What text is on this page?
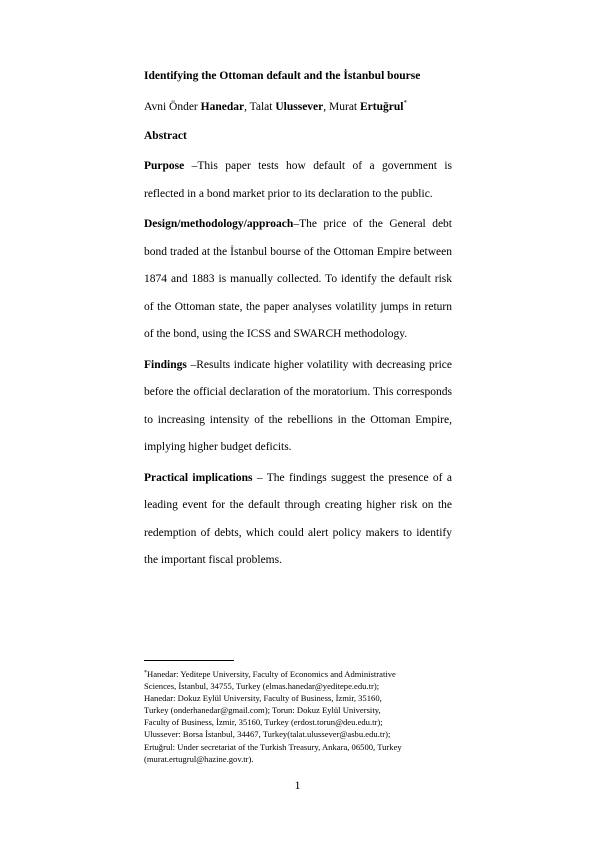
Identifying the Ottoman default and the İstanbul bourse
Avni Önder Hanedar, Talat Ulussever, Murat Ertuğrul*
Abstract

Purpose –This paper tests how default of a government is reflected in a bond market prior to its declaration to the public.

Design/methodology/approach–The price of the General debt bond traded at the İstanbul bourse of the Ottoman Empire between 1874 and 1883 is manually collected. To identify the default risk of the Ottoman state, the paper analyses volatility jumps in return of the bond, using the ICSS and SWARCH methodology.

Findings –Results indicate higher volatility with decreasing price before the official declaration of the moratorium. This corresponds to increasing intensity of the rebellions in the Ottoman Empire, implying higher budget deficits.

Practical implications – The findings suggest the presence of a leading event for the default through creating higher risk on the redemption of debts, which could alert policy makers to identify the important fiscal problems.

*Hanedar: Yeditepe University, Faculty of Economics and Administrative

Sciences, İstanbul, 34755, Turkey (elmas.hanedar@yeditepe.edu.tr);

Hanedar: Dokuz Eylül University, Faculty of Business, İzmir, 35160,

Turkey (onderhanedar@gmail.com); Torun: Dokuz Eylül University,

Faculty of Business, İzmir, 35160, Turkey (erdost.torun@deu.edu.tr);

Ulussever: Borsa İstanbul, 34467, Turkey(talat.ulussever@asbu.edu.tr);

Ertuğrul: Under secretariat of the Turkish Treasury, Ankara, 06500, Turkey

(murat.ertugrul@hazine.gov.tr).

1
